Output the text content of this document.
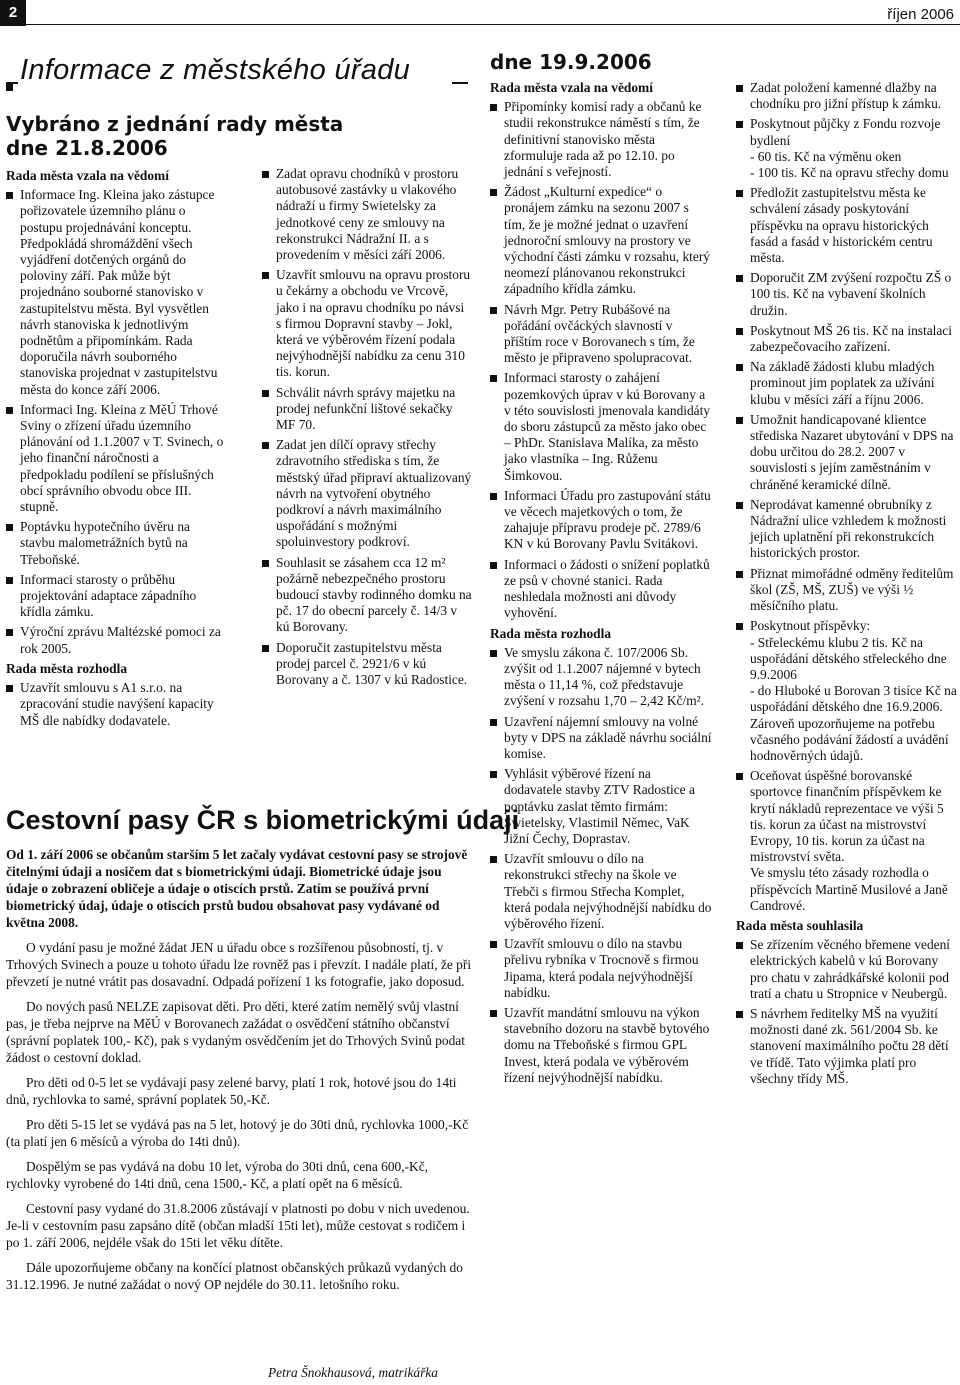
2	říjen 2006
Informace z městského úřadu
Vybráno z jednání rady města
dne 21.8.2006
Rada města vzala na vědomí
Informace Ing. Kleina jako zástupce pořizovatele územního plánu o postupu projednávání konceptu. Předpokládá shromáždění všech vyjádření dotčených orgánů do poloviny září. Pak může být projednáno souborné stanovisko v zastupitelstvu města. Byl vysvětlen návrh stanoviska k jednotlivým podnětům a připomínkám. Rada doporučila návrh souborného stanoviska projednat v zastupitelstvu města do konce září 2006.
Informaci Ing. Kleina z MěÚ Trhové Sviny o zřízení úřadu územního plánování od 1.1.2007 v T. Svinech, o jeho finanční náročnosti a předpokladu podílení se příslušných obcí správního obvodu obce III. stupně.
Poptávku hypotečního úvěru na stavbu malometrážních bytů na Třeboňské.
Informaci starosty o průběhu projektování adaptace západního křídla zámku.
Výroční zprávu Maltézské pomoci za rok 2005.
Rada města rozhodla
Uzavřít smlouvu s A1 s.r.o. na zpracování studie navýšení kapacity MŠ dle nabídky dodavatele.
Zadat opravu chodníků v prostoru autobusové zastávky u vlakového nádraží u firmy Swietelsky za jednotkové ceny ze smlouvy na rekonstrukci Nádražní II. a s provedením v měsíci září 2006.
Uzavřít smlouvu na opravu prostoru u čekárny a obchodu ve Vrcově, jako i na opravu chodníku po návsi s firmou Dopravní stavby – Jokl, která ve výběrovém řízení podala nejvýhodnější nabídku za cenu 310 tis. korun.
Schválit návrh správy majetku na prodej nefunkční lištové sekačky MF 70.
Zadat jen dílčí opravy střechy zdravotního střediska s tím, že městský úřad připraví aktualizovaný návrh na vytvoření obytného podkroví a návrh maximálního uspořádání s možnými spoluinvestory podkroví.
Souhlasit se zásahem cca 12 m² požárně nebezpečného prostoru budoucí stavby rodinného domku na pč. 17 do obecní parcely č. 14/3 v kú Borovany.
Doporučit zastupitelstvu města prodej parcel č. 2921/6 v kú Borovany a č. 1307 v kú Radostice.
Cestovní pasy ČR s biometrickými údaji
Od 1. září 2006 se občanům starším 5 let začaly vydávat cestovní pasy se strojově čitelnými údaji a nosičem dat s biometrickými údaji. Biometrické údaje jsou údaje o zobrazení obličeje a údaje o otiscích prstů. Zatím se používá první biometrický údaj, údaje o otiscích prstů budou obsahovat pasy vydávané od května 2008.

O vydání pasu je možné žádat JEN u úřadu obce s rozšířenou působností, tj. v Trhových Svinech a pouze u tohoto úřadu lze rovněž pas i převzít. I nadále platí, že při převzetí je nutné vrátit pas dosavadní. Odpadá pořízení 1 ks fotografie, jako doposud.

Do nových pasů NELZE zapisovat děti. Pro děti, které zatím nemělý svůj vlastní pas, je třeba nejprve na MěÚ v Borovanech zažádat o osvědčení státního občanství (správní poplatek 100,- Kč), pak s vydaným osvědčením jet do Trhových Svinů podat žádost o cestovní doklad.

Pro děti od 0-5 let se vydávají pasy zelené barvy, platí 1 rok, hotové jsou do 14ti dnů, rychlovka to samé, správní poplatek 50,-Kč.

Pro děti 5-15 let se vydává pas na 5 let, hotový je do 30ti dnů, rychlovka 1000,-Kč (ta platí jen 6 měsíců a výroba do 14ti dnů).

Dospělým se pas vydává na dobu 10 let, výroba do 30ti dnů, cena 600,-Kč, rychlovky vyrobené do 14ti dnů, cena 1500,- Kč, a platí opět na 6 měsíců.

Cestovní pasy vydané do 31.8.2006 zůstávají v platnosti po dobu v nich uvedenou. Je-li v cestovním pasu zapsáno dítě (občan mladší 15ti let), může cestovat s rodičem i po 1. září 2006, nejdéle však do 15ti let věku dítěte.

Dále upozorňujeme občany na končící platnost občanských průkazů vydaných do 31.12.1996. Je nutné zažádat o nový OP nejdéle do 30.11. letošního roku.

Petra Šnokhausová, matrikářka
dne 19.9.2006
Rada města vzala na vědomí
Připomínky komisí rady a občanů ke studii rekonstrukce náměstí s tím, že definitivní stanovisko města zformuluje rada až po 12.10. po jednání s veřejností.
Žádost „Kulturní expedice“ o pronájem zámku na sezonu 2007 s tím, že je možné jednat o uzavření jednoroční smlouvy na prostory ve východní části zámku v rozsahu, který neomezí plánovanou rekonstrukci západního křídla zámku.
Návrh Mgr. Petry Rubášové na pořádání ovčáckých slavností v příštím roce v Borovanech s tím, že město je připraveno spolupracovat.
Informaci starosty o zahájení pozemkových úprav v kú Borovany a v této souvislosti jmenovala kandidáty do sboru zástupců za město jako obec – PhDr. Stanislava Malíka, za město jako vlastníka – Ing. Růženu Šimkovou.
Informaci Úřadu pro zastupování státu ve věcech majetkových o tom, že zahajuje přípravu prodeje pč. 2789/6 KN v kú Borovany Pavlu Svitákovi.
Informaci o žádosti o snížení poplatků ze psů v chovné stanici. Rada neshledala možnosti ani důvody vyhovění.
Rada města rozhodla
Ve smyslu zákona č. 107/2006 Sb. zvýšit od 1.1.2007 nájemné v bytech města o 11,14 %, což představuje zvýšení v rozsahu 1,70 – 2,42 Kč/m².
Uzavření nájemní smlouvy na volné byty v DPS na základě návrhu sociální komise.
Vyhlásit výběrové řízení na dodavatele stavby ZTV Radostice a poptávku zaslat těmto firmám: Swietelsky, Vlastimil Němec, VaK Jižní Čechy, Doprastav.
Uzavřít smlouvu o dílo na rekonstrukci střechy na škole ve Třebči s firmou Střecha Komplet, která podala nejvýhodnější nabídku do výběrového řízení.
Uzavřít smlouvu o dílo na stavbu přelivu rybníka v Trocnově s firmou Jipama, která podala nejvýhodnější nabídku.
Uzavřít mandátní smlouvu na výkon stavebního dozoru na stavbě bytového domu na Třeboňské s firmou GPL Invest, která podala ve výběrovém řízení nejvýhodnější nabídku.
Zadat položení kamenné dlažby na chodníku pro jižní přístup k zámku.
Poskytnout půjčky z Fondu rozvoje bydlení
- 60 tis. Kč na výměnu oken
- 100 tis. Kč na opravu střechy domu
Předložit zastupitelstvu města ke schválení zásady poskytování příspěvku na opravu historických fasád a fasád v historickém centru města.
Doporučit ZM zvýšení rozpočtu ZŠ o 100 tis. Kč na vybavení školních družin.
Poskytnout MŠ 26 tis. Kč na instalaci zabezpečovacího zařízení.
Na základě žádosti klubu mladých prominout jim poplatek za užívání klubu v měsíci září a říjnu 2006.
Umožnit handicapované klientce střediska Nazaret ubytování v DPS na dobu určitou do 28.2. 2007 v souvislosti s jejím zaměstnáním v chráněné keramické dílně.
Neprodávat kamenné obrubníky z Nádražní ulice vzhledem k možnosti jejich uplatnění při rekonstrukcích historických prostor.
Přiznat mimořádné odměny ředitelům škol (ZŠ, MŠ, ZUŠ) ve výši ½ měsíčního platu.
Poskytnout příspěvky:
- Střeleckému klubu 2 tis. Kč na uspořádání dětského střeleckého dne 9.9.2006
- do Hluboké u Borovan 3 tisíce Kč na uspořádání dětského dne 16.9.2006.
Zároveň upozorňujeme na potřebu včasného podávání žádostí a uvádění hodnověrných údajů.
Oceňovat úspěšné borovanské sportovce finančním příspěvkem ke krytí nákladů reprezentace ve výši 5 tis. korun za účast na mistrovství Evropy, 10 tis. korun za účast na mistrovství světa.
Ve smyslu této zásady rozhodla o příspěvcích Martině Musilové a Janě Candrové.
Rada města souhlasila
Se zřízením věcného břemene vedení elektrických kabelů v kú Borovany pro chatu v zahrádkářské kolonii pod tratí a chatu u Stropnice v Neubergů.
S návrhem ředitelky MŠ na využití možnosti dané zk. 561/2004 Sb. ke stanovení maximálního počtu 28 dětí ve třídě. Tato výjimka platí pro všechny třídy MŠ.
